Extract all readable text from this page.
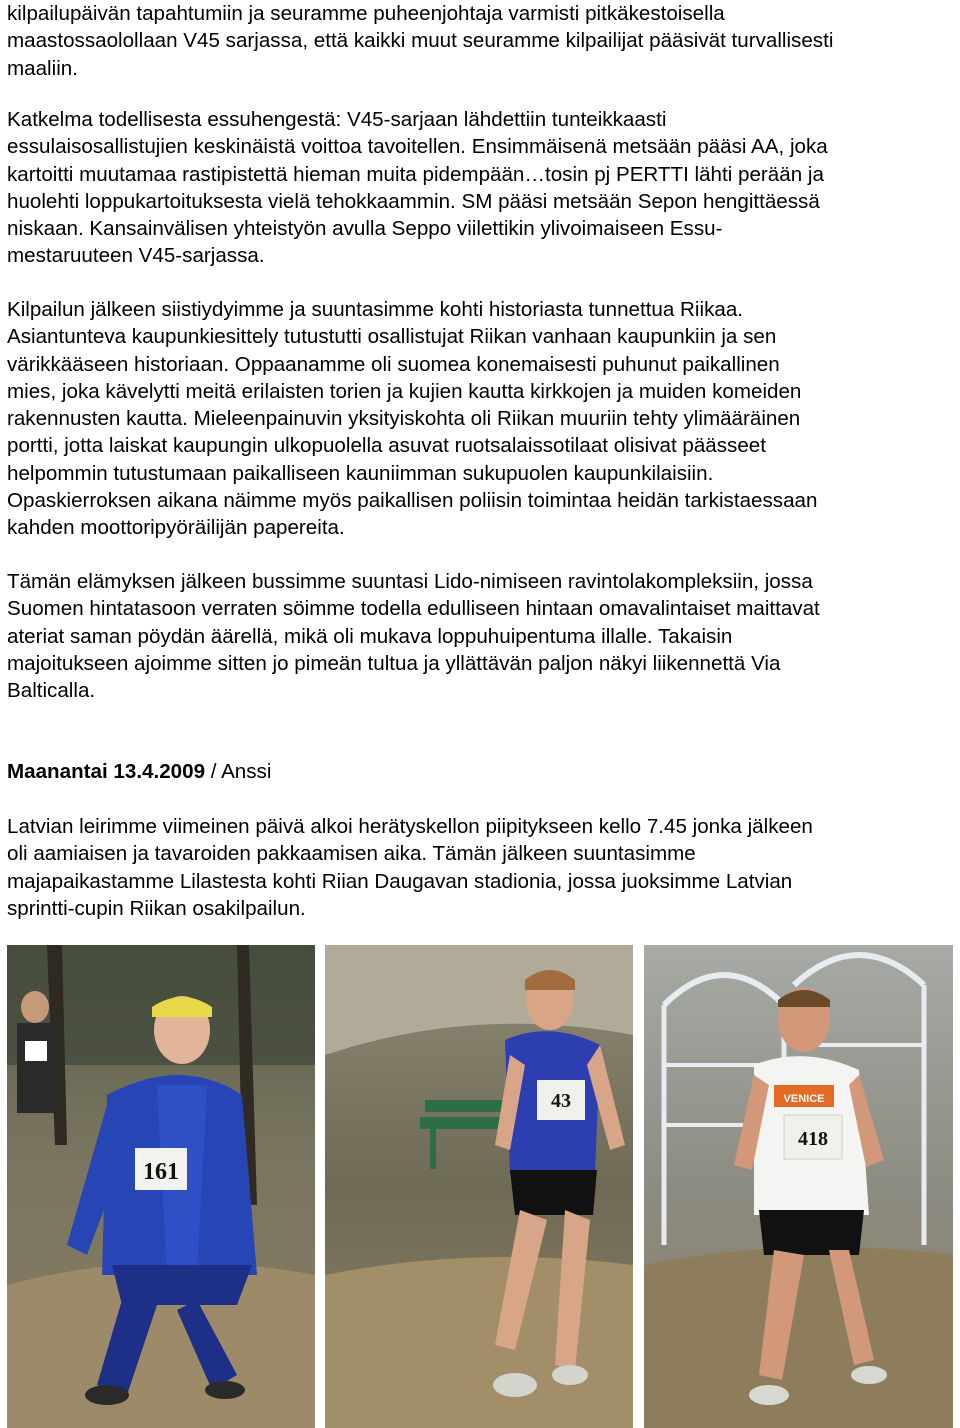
kilpailupäivän tapahtumiin ja seuramme puheenjohtaja varmisti pitkäkestoisella
maastossaolollaan V45 sarjassa, että kaikki muut seuramme kilpailijat pääsivät turvallisesti
maaliin.
Katkelma todellisesta essuhengestä: V45-sarjaan lähdettiin tunteikkaasti
essulaisosallistujien keskinäistä voittoa tavoitellen. Ensimmäisenä metsään pääsi AA, joka
kartoitti muutamaa rastipistettä hieman muita pidempään…tosin pj PERTTI lähti perään ja
huolehti loppukartoituksesta vielä tehokkaammin. SM pääsi metsään Sepon hengittäessä
niskaan. Kansainvälisen yhteistyön avulla Seppo viilettikin ylivoimaiseen Essu-
mestaruuteen V45-sarjassa.
Kilpailun jälkeen siistiydyimme ja suuntasimme kohti historiasta tunnettua Riikaa.
Asiantunteva kaupunkiesittely tutustutti osallistujat Riikan vanhaan kaupunkiin ja sen
värikkääseen historiaan. Oppaanamme oli suomea konemaisesti puhunut paikallinen
mies, joka kävelytti meitä erilaisten torien ja kujien kautta kirkkojen ja muiden komeiden
rakennusten kautta. Mieleenpainuvin yksityiskohta oli Riikan muuriin tehty ylimääräinen
portti, jotta laiskat kaupungin ulkopuolella asuvat ruotsalaissotilaat olisivat päässeet
helpommin tutustumaan paikalliseen kauniimman sukupuolen kaupunkilaisiin.
Opaskierroksen aikana näimme myös paikallisen poliisin toimintaa heidän tarkistaessaan
kahden moottoripyöräilijän papereita.
Tämän elämyksen jälkeen bussimme suuntasi Lido-nimiseen ravintolakompleksiin, jossa
Suomen hintatasoon verraten söimme todella edulliseen hintaan omavalintaiset maittavat
ateriat saman pöydän äärellä, mikä oli mukava loppuhuipentuma illalle. Takaisin
majoitukseen ajoimme sitten jo pimeän tultua ja yllättävän paljon näkyi liikennettä Via
Balticalla.
Maanantai 13.4.2009 / Anssi
Latvian leirimme viimeinen päivä alkoi herätyskellon piipitykseen kello 7.45 jonka jälkeen
oli aamiaisen ja tavaroiden pakkaamisen aika. Tämän jälkeen suuntasimme
majapaikastamme Lilastesta kohti Riian Daugavan stadionia, jossa juoksimme Latvian
sprintti-cupin Riikan osakilpailun.
161
43	VENICE
418
